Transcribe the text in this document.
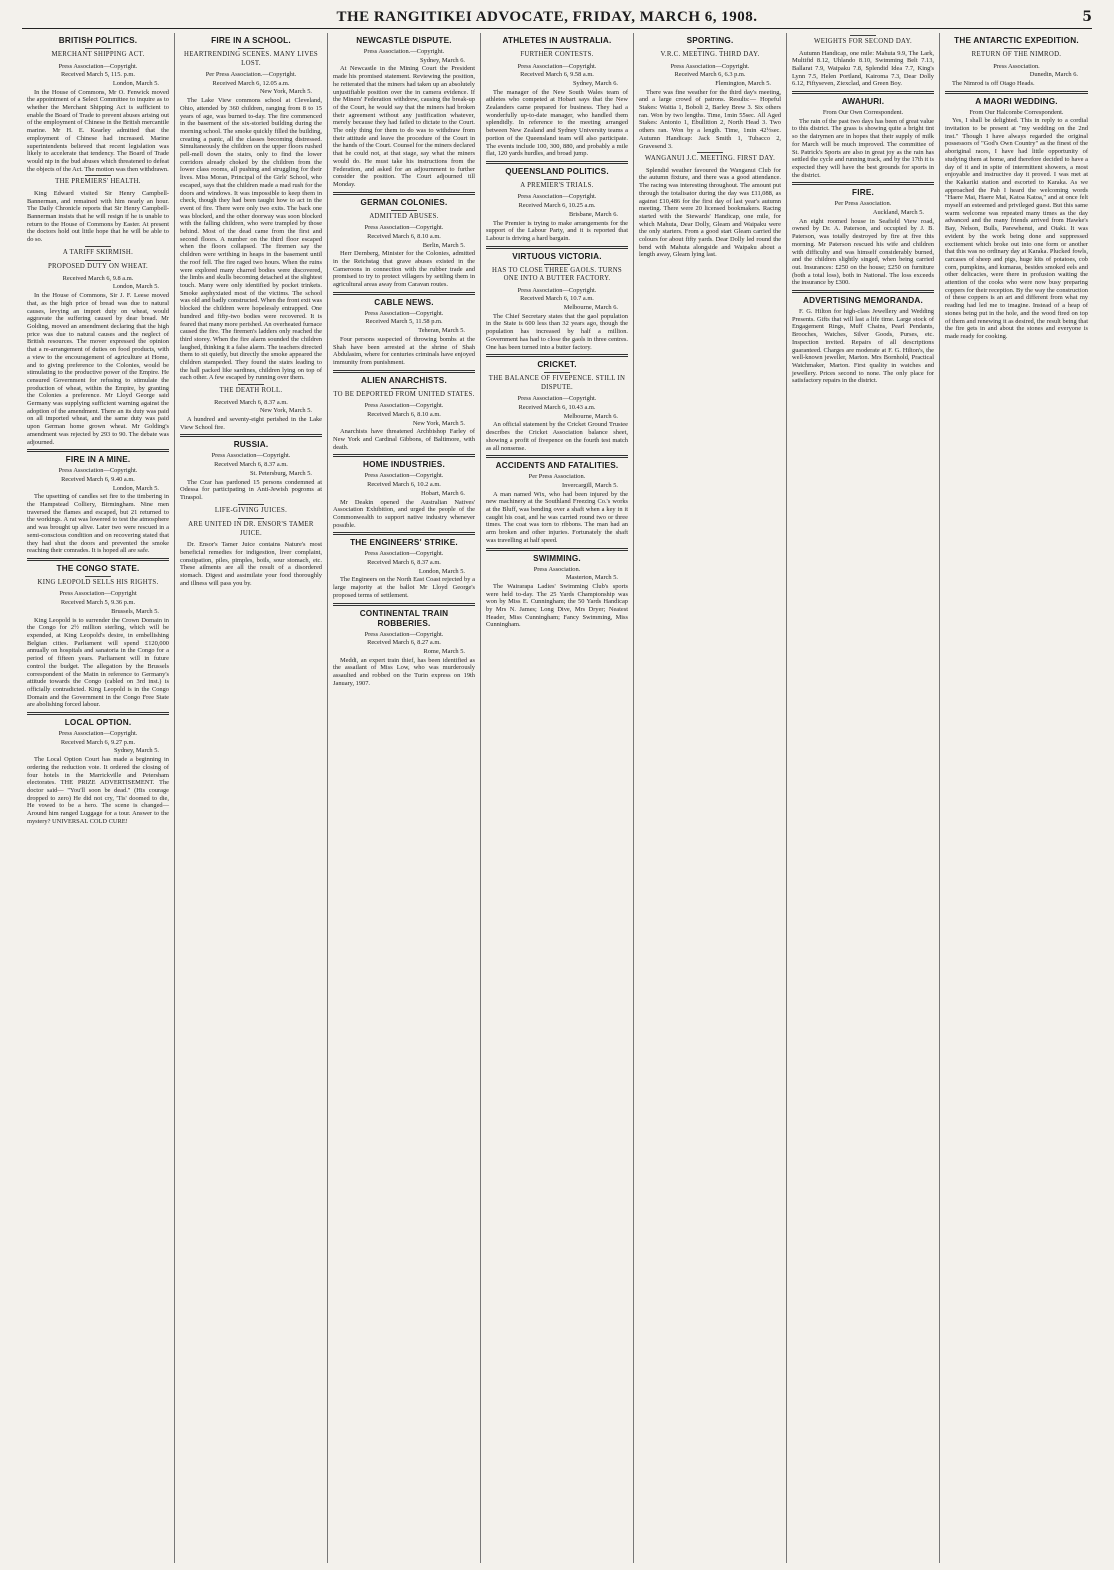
THE RANGITIKEI ADVOCATE, FRIDAY, MARCH 6, 1908.	5
BRITISH POLITICS.
MERCHANT SHIPPING ACT.
Press Association—Copyright.
Received March 5, 115. p.m.
London, March 5.

In the House of Commons, Mr O. Fenwick moved the appointment of a Select Committee to inquire as to whether the Merchant Shipping Act is sufficient to enable the Board of Trade to prevent abuses arising out of the employment of Chinese in the British mercantile marine. Mr H. E. Kearley admitted that the employment of Chinese had increased. Marine superintendents believed that recent legislation was likely to accelerate that tendency. The Board of Trade would nip in the bud abuses which threatened to defeat the objects of the Act. The motion was then withdrawn.

THE PREMIERS' HEALTH.

King Edward visited Sir Henry Campbell-Bannerman, and remained with him nearly an hour. The Daily Chronicle reports that Sir Henry Campbell-Bannerman insists that he will resign if he is unable to return to the House of Commons by Easter. At present the doctors hold out little hope that he will be able to do so.

A TARIFF SKIRMISH.
PROPOSED DUTY ON WHEAT.
Received March 6, 9.8 a.m.
London, March 5.

In the House of Commons, Sir J. F. Leese moved that, as the high price of bread was due to natural causes, levying an import duty on wheat, would aggravate the suffering caused by dear bread. Mr Golding, moved an amendment declaring that the high price was due to natural causes and the neglect of British resources. The mover expressed the opinion that a re-arrangement of duties on food products, with a view to the encouragement of agriculture at Home, and to giving preference to the Colonies, would be stimulating to the productive power of the Empire. He censured Government for refusing to stimulate the production of wheat, within the Empire, by granting the Colonies a preference. Mr Lloyd George said Germany was supplying sufficient warning against the adoption of the amendment. There an its duty was paid on all imported wheat, and the same duty was paid upon German home grown wheat. Mr Golding's amendment was rejected by 293 to 90. The debate was adjourned.

FIRE IN A MINE.
Press Association—Copyright.
Received March 6, 9.40 a.m.
London, March 5.

The upsetting of candles set fire to the timbering in the Hampstead Colliery, Birmingham. Nine men traversed the flames and escaped, but 21 returned to the workings. A rat was lowered to test the atmosphere and was brought up alive. Later two were rescued in a semi-conscious condition and on recovering stated that they had shut the doors and prevented the smoke reaching their comrades. It is hoped all are safe.

THE CONGO STATE.
KING LEOPOLD SELLS HIS RIGHTS.
Press Association—Copyright
Received March 5, 9.36 p.m.
Brussels, March 5.

King Leopold is to surrender the Crown Domain in the Congo for 2½ million sterling, which will be expended, at King Leopold's desire, in embellishing Belgian cities. Parliament will spend £120,000 annually on hospitals and sanatoria in the Congo for a period of fifteen years. Parliament will in future control the budget. The allegation by the Brussels correspondent of the Matin in reference to Germany's attitude towards the Congo (cabled on 3rd inst.) is officially contradicted. King Leopold is in the Congo Domain and the Government in the Congo Free State are abolishing forced labour.

LOCAL OPTION.
Press Association—Copyright.
Received March 6, 9.27 p.m.
Sydney, March 5.

The Local Option Court has made a beginning in ordering the reduction vote. It ordered the closing of four hotels in the Marrickville and Petersham electorates. THE PRIZE ADVERTISEMENT. The doctor said— "You'll soon be dead." (His courage dropped to zero) He did not cry, 'Tis' doomed to die, He vowed to be a hero. The scene is changed— Around him ranged Luggage for a tour. Answer to the mystery? UNIVERSAL COLD CURE!

FIRE IN A SCHOOL.
HEARTRENDING SCENES. MANY LIVES LOST.
Per Press Association.—Copyright.
Received March 6, 12.05 a.m.
New York, March 5.

The Lake View commons school at Cleveland, Ohio, attended by 360 children, ranging from 8 to 15 years of age, was burned to-day. The fire commenced in the basement of the six-storied building during the morning school. The smoke quickly filled the building, creating a panic, all the classes becoming distressed. Simultaneously the children on the upper floors rushed pell-mell down the stairs, only to find the lower corridors already choked by the children from the lower class rooms, all pushing and struggling for their lives. Miss Moran, Principal of the Girls' School, who escaped, says that the children made a mad rush for the doors and windows. It was impossible to keep them in check, though they had been taught how to act in the event of fire. There were only two exits. The back one was blocked, and the other doorway was soon blocked with the falling children, who were trampled by those behind. Most of the dead came from the first and second floors. A number on the third floor escaped when the floors collapsed. The firemen say the children were writhing in heaps in the basement until the roof fell. The fire raged two hours. When the ruins were explored many charred bodies were discovered, the limbs and skulls becoming detached at the slightest touch. Many were only identified by pocket trinkets. Smoke asphyxiated most of the victims. The school was old and badly constructed. When the front exit was blocked the children were hopelessly entrapped. One hundred and fifty-two bodies were recovered. It is feared that many more perished. An overheated furnace caused the fire. The firemen's ladders only reached the third storey. When the fire alarm sounded the children laughed, thinking it a false alarm. The teachers directed them to sit quietly, but directly the smoke appeared the children stampeded. They found the stairs leading to the hall packed like sardines, children lying on top of each other. A few escaped by running over them.

THE DEATH ROLL.
Received March 6, 8.37 a.m.
New York, March 5.

A hundred and seventy-eight perished in the Lake View School fire.

RUSSIA.
Press Association—Copyright.
Received March 6, 8.37 a.m.
St. Petersburg, March 5.

The Czar has pardoned 15 persons condemned at Odessa for participating in Anti-Jewish pogroms at Tiraspol.

LIFE-GIVING JUICES.
ARE UNITED IN DR. ENSOR'S TAMER JUICE.

Dr. Ensor's Tamer Juice contains Nature's most beneficial remedies for indigestion, liver complaint, constipation, piles, pimples, boils, sour stomach, etc. These ailments are all the result of a disordered stomach. Digest and assimilate your food thoroughly and illness will pass you by.

NEWCASTLE DISPUTE.
Press Association.—Copyright.
Sydney, March 6.

At Newcastle in the Mining Court the President made his promised statement. Reviewing the position, he reiterated that the miners had taken up an absolutely unjustifiable position over the in camera evidence. If the Miners' Federation withdrew, causing the break-up of the Court, he would say that the miners had broken their agreement without any justification whatever, merely because they had failed to dictate to the Court. The only thing for them to do was to withdraw from their attitude and leave the procedure of the Court in the hands of the Court. Counsel for the miners declared that he could not, at that stage, say what the miners would do. He must take his instructions from the Federation, and asked for an adjournment to further consider the position. The Court adjourned till Monday.

GERMAN COLONIES.
ADMITTED ABUSES.
Press Association—Copyright.
Received March 6, 8.10 a.m.
Berlin, March 5.

Herr Dernberg, Minister for the Colonies, admitted in the Reichstag that grave abuses existed in the Cameroons in connection with the rubber trade and promised to try to protect villagers by settling them in agricultural areas away from Caravan routes.

CABLE NEWS.
Press Association—Copyright.
Received March 5, 11.58 p.m.
Teheran, March 5.

Four persons suspected of throwing bombs at the Shah have been arrested at the shrine of Shah Abdulasim, where for centuries criminals have enjoyed immunity from punishment.

ALIEN ANARCHISTS.
TO BE DEPORTED FROM UNITED STATES.
Press Association—Copyright.
Received March 6, 8.10 a.m.
New York, March 5.

Anarchists have threatened Archbishop Farley of New York and Cardinal Gibbons, of Baltimore, with death.

HOME INDUSTRIES.
Press Association—Copyright.
Received March 6, 10.2 a.m.
Hobart, March 6.

Mr Deakin opened the Australian Natives' Association Exhibition, and urged the people of the Commonwealth to support native industry whenever possible.

THE ENGINEERS' STRIKE.
Press Association—Copyright.
Received March 6, 8.37 a.m.
London, March 5.

The Engineers on the North East Coast rejected by a large majority at the ballot Mr Lloyd George's proposed terms of settlement.

CONTINENTAL TRAIN ROBBERIES.
Press Association—Copyright.
Received March 6, 8.27 a.m.
Rome, March 5.

Meddi, an expert train thief, has been identified as the assailant of Miss Low, who was murderously assaulted and robbed on the Turin express on 19th January, 1907.

ATHLETES IN AUSTRALIA.
FURTHER CONTESTS.
Press Association—Copyright.
Received March 6, 9.58 a.m.
Sydney, March 6.

The manager of the New South Wales team of athletes who competed at Hobart says that the New Zealanders came prepared for business. They had a wonderfully up-to-date manager, who handled them splendidly. In reference to the meeting arranged between New Zealand and Sydney University teams a portion of the Queensland team will also participate. The events include 100, 300, 880, and probably a mile flat, 120 yards hurdles, and broad jump.

QUEENSLAND POLITICS.
A PREMIER'S TRIALS.
Press Association—Copyright.
Received March 6, 10.25 a.m.
Brisbane, March 6.

The Premier is trying to make arrangements for the support of the Labour Party, and it is reported that Labour is driving a hard bargain.

VIRTUOUS VICTORIA.
HAS TO CLOSE THREE GAOLS. TURNS ONE INTO A BUTTER FACTORY.
Press Association—Copyright.
Received March 6, 10.7 a.m.
Melbourne, March 6.

The Chief Secretary states that the gaol population in the State is 600 less than 32 years ago, though the population has increased by half a million. Government has had to close the gaols in three centres. One has been turned into a butter factory.

CRICKET.
THE BALANCE OF FIVEPENCE. STILL IN DISPUTE.
Press Association—Copyright.
Received March 6, 10.43 a.m.
Melbourne, March 6.

An official statement by the Cricket Ground Trustee describes the Cricket Association balance sheet, showing a profit of fivepence on the fourth test match as all nonsense.

ACCIDENTS AND FATALITIES.
Per Press Association.
Invercargill, March 5.

A man named Wix, who had been injured by the new machinery at the Southland Freezing Co.'s works at the Bluff, was bending over a shaft when a key in it caught his coat, and he was carried round two or three times. The coat was torn to ribbons. The man had an arm broken and other injuries. Fortunately the shaft was travelling at half speed.

SWIMMING.
Press Association.
Masterton, March 5.

The Wairarapa Ladies' Swimming Club's sports were held to-day. The 25 Yards Championship was won by Miss E. Cunningham; the 50 Yards Handicap by Mrs N. James; Long Dive, Mrs Dryer; Neatest Header, Miss Cunningham; Fancy Swimming, Miss Cunningham.

SPORTING.
V.R.C. MEETING. THIRD DAY.
Press Association—Copyright.
Received March 6, 6.3 p.m.
Flemington, March 5.

There was fine weather for the third day's meeting, and a large crowd of patrons. Results:— Hopeful Stakes: Waitia 1, Boboli 2, Barley Brew 3. Six others ran. Won by two lengths. Time, 1min 55sec. All Aged Stakes: Antonio 1, Ebullition 2, North Head 3. Two others ran. Won by a length. Time, 1min 42½sec. Autumn Handicap: Jack Smith 1, Tubacco 2, Gravesend 3.

WANGANUI J.C. MEETING. FIRST DAY.

Splendid weather favoured the Wanganui Club for the autumn fixture, and there was a good attendance. The racing was interesting throughout. The amount put through the totalisator during the day was £11,088, as against £10,486 for the first day of last year's autumn meeting. There were 20 licensed bookmakers. Racing started with the Stewards' Handicap, one mile, for which Mahuta, Dear Dolly, Gleam and Waipaku were the only starters. From a good start Gleam carried the colours for about fifty yards. Dear Dolly led round the bend with Mahuta alongside and Waipaku about a length away, Gleam lying last.

WEIGHTS FOR SECOND DAY.

Autumn Handicap, one mile: Mahuta 9.9, The Lark, Multifid 8.12, Uhlando 8.10, Swimming Belt 7.13, Ballarat 7.9, Waipaku 7.8, Splendid Idea 7.7, King's Lynn 7.5, Helen Portland, Kairoma 7.3, Dear Dolly 6.12, Fiftyseven, Ziexclad, and Green Boy.

AWAHURI.
From Our Own Correspondent.

The rain of the past two days has been of great value to this district. The grass is showing quite a bright tint so the dairymen are in hopes that their supply of milk for March will be much improved. The committee of St. Patrick's Sports are also in great joy as the rain has settled the cycle and running track, and by the 17th it is expected they will have the best grounds for sports in the district.

FIRE.
Per Press Association.
Auckland, March 5.

An eight roomed house in Seafield View road, owned by Dr. A. Paterson, and occupied by J. B. Paterson, was totally destroyed by fire at five this morning. Mr Paterson rescued his wife and children with difficulty and was himself considerably burned, and the children slightly singed, when being carried out. Insurances: £250 on the house; £250 on furniture (both a total loss), both in National. The loss exceeds the insurance by £300.

ADVERTISING MEMORANDA.

F. G. Hilton for high-class Jewellery and Wedding Presents. Gifts that will last a life time. Large stock of Engagement Rings, Muff Chains, Pearl Pendants, Brooches, Watches, Silver Goods, Purses, etc. Inspection invited. Repairs of all descriptions guaranteed. Charges are moderate at F. G. Hilton's, the well-known jeweller, Marton. Mrs Bornhold, Practical Watchmaker, Marton. First quality in watches and jewellery. Prices second to none. The only place for satisfactory repairs in the district.

THE ANTARCTIC EXPEDITION.
RETURN OF THE NIMROD.
Press Association.
Dunedin, March 6.

The Nimrod is off Otago Heads.

A MAORI WEDDING.
From Our Halcombe Correspondent.

Yes, I shall be delighted. This in reply to a cordial invitation to be present at "my wedding on the 2nd inst." Though I have always regarded the original possessors of "God's Own Country" as the finest of the aboriginal races, I have had little opportunity of studying them at home, and therefore decided to have a day of it and in spite of intermittent showers, a most enjoyable and instructive day it proved. I was met at the Kakariki station and escorted to Karaka. As we approached the Pah I heard the welcoming words "Haere Mai, Haere Mai, Katoa Katoa," and at once felt myself an esteemed and privileged guest. But this same warm welcome was repeated many times as the day advanced and the many friends arrived from Hawke's Bay, Nelson, Bulls, Parewhenui, and Otaki. It was evident by the work being done and suppressed excitement which broke out into one form or another that this was no ordinary day at Karaka. Plucked fowls, carcases of sheep and pigs, huge kits of potatoes, cob corn, pumpkins, and kumaras, besides smoked eels and other delicacies, were there in profusion waiting the attention of the cooks who were now busy preparing coppers for their reception. By the way the construction of these coppers is an art and different from what my reading had led me to imagine. Instead of a heap of stones being put in the hole, and the wood fired on top of them and renewing it as desired, the result being that the fire gets in and about the stones and everyone is made ready for cooking.
